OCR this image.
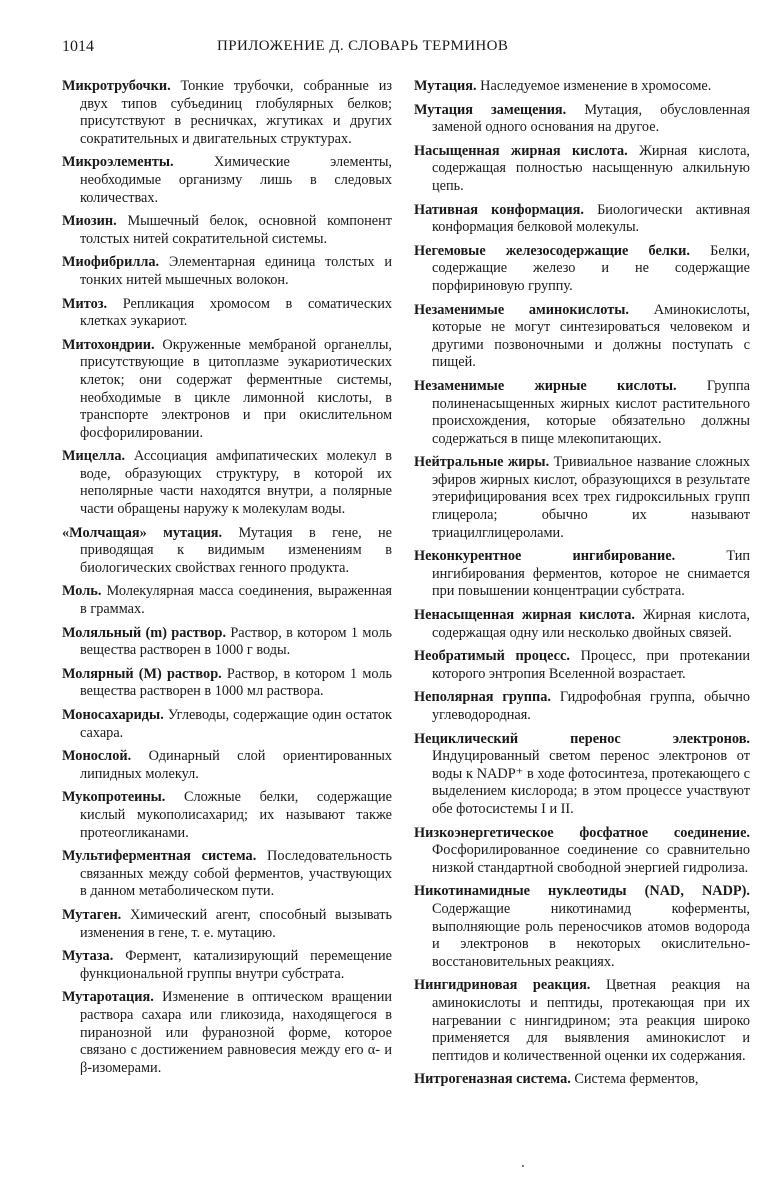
1014	ПРИЛОЖЕНИЕ Д. СЛОВАРЬ ТЕРМИНОВ

Микротрубочки. Тонкие трубочки, собранные из двух типов субъединиц глобулярных белков; присутствуют в ресничках, жгутиках и других сократительных и двигательных структурах.

Микроэлементы.	Химические элементы, необходимые организму лишь в следовых количествах.

Миозин. Мышечный белок, основной компонент толстых нитей сократительной системы.

Миофибрилла. Элементарная единица толстых и тонких нитей мышечных волокон.

Митоз. Репликация хромосом в соматических клетках эукариот.

Митохондрии. Окруженные мембраной органеллы, присутствующие в цитоплазме эукариотических клеток; они содержат ферментные системы, необходимые в цикле лимонной кислоты, в транспорте электронов и при окислительном фосфорилировании.

Мицелла. Ассоциация амфипатических молекул в воде, образующих структуру, в которой их неполярные части находятся внутри, а полярные части обращены наружу к молекулам воды.

«Молчащая» мутация. Мутация в гене, не приводящая к видимым изменениям в биологических свойствах генного продукта.

Моль. Молекулярная масса соединения, выраженная в граммах.

Моляльный (m) раствор. Раствор, в котором 1 моль вещества растворен в 1000 г воды.

Молярный (М) раствор. Раствор, в котором 1 моль вещества растворен в 1000 мл раствора.

Моносахариды. Углеводы, содержащие один остаток сахара.

Монослой. Одинарный слой ориентированных липидных молекул.

Мукопротеины. Сложные белки, содержащие кислый мукополисахарид; их называют также протеогликанами.

Мультиферментная система. Последовательность связанных между собой ферментов, участвующих в данном метаболическом пути.

Мутаген. Химический агент, способный вызывать изменения в гене, т. е. мутацию.

Мутаза. Фермент, катализирующий перемещение функциональной группы внутри субстрата.

Мутаротация. Изменение в оптическом вращении раствора сахара или гликозида, находящегося в пиранозной или фуранозной форме, которое связано с достижением равновесия между его α- и β-изомерами.

Мутация. Наследуемое изменение в хромосоме.

Мутация замещения. Мутация, обусловленная заменой одного основания на другое.

Насыщенная жирная кислота. Жирная кислота, содержащая полностью насыщенную алкильную цепь.

Нативная конформация. Биологически активная конформация белковой молекулы.

Негемовые железосодержащие белки. Белки, содержащие железо и не содержащие порфириновую группу.

Незаменимые аминокислоты. Аминокислоты, которые не могут синтезироваться человеком и другими позвоночными и должны поступать с пищей.

Незаменимые жирные кислоты. Группа полиненасыщенных жирных кислот растительного происхождения, которые обязательно должны содержаться в пище млекопитающих.

Нейтральные жиры. Тривиальное название сложных эфиров жирных кислот, образующихся в результате этерифицирования всех трех гидроксильных групп глицерола; обычно их называют триацилглицеролами.

Неконкурентное ингибирование.	Тип ингибирования ферментов, которое не снимается при повышении концентрации субстрата.

Ненасыщенная жирная кислота. Жирная кислота, содержащая одну или несколько двойных связей.

Необратимый процесс. Процесс, при протекании которого энтропия Вселенной возрастает.

Неполярная группа. Гидрофобная группа, обычно углеводородная.

Нециклический перенос электронов. Индуцированный светом перенос электронов от воды к NADP⁺ в ходе фотосинтеза, протекающего с выделением кислорода; в этом процессе участвуют обе фотосистемы I и II.

Низкоэнергетическое фосфатное соединение. Фосфорилированное соединение со сравнительно низкой стандартной свободной энергией гидролиза.

Никотинамидные нуклеотиды (NAD, NADP). Содержащие никотинамид коферменты, выполняющие роль переносчиков атомов водорода и электронов в некоторых окислительно-восстановительных реакциях.

Нингидриновая реакция. Цветная реакция на аминокислоты и пептиды, протекающая при их нагревании с нингидрином; эта реакция широко применяется для выявления аминокислот и пептидов и количественной оценки их содержания.

Нитрогеназная система. Система ферментов,
